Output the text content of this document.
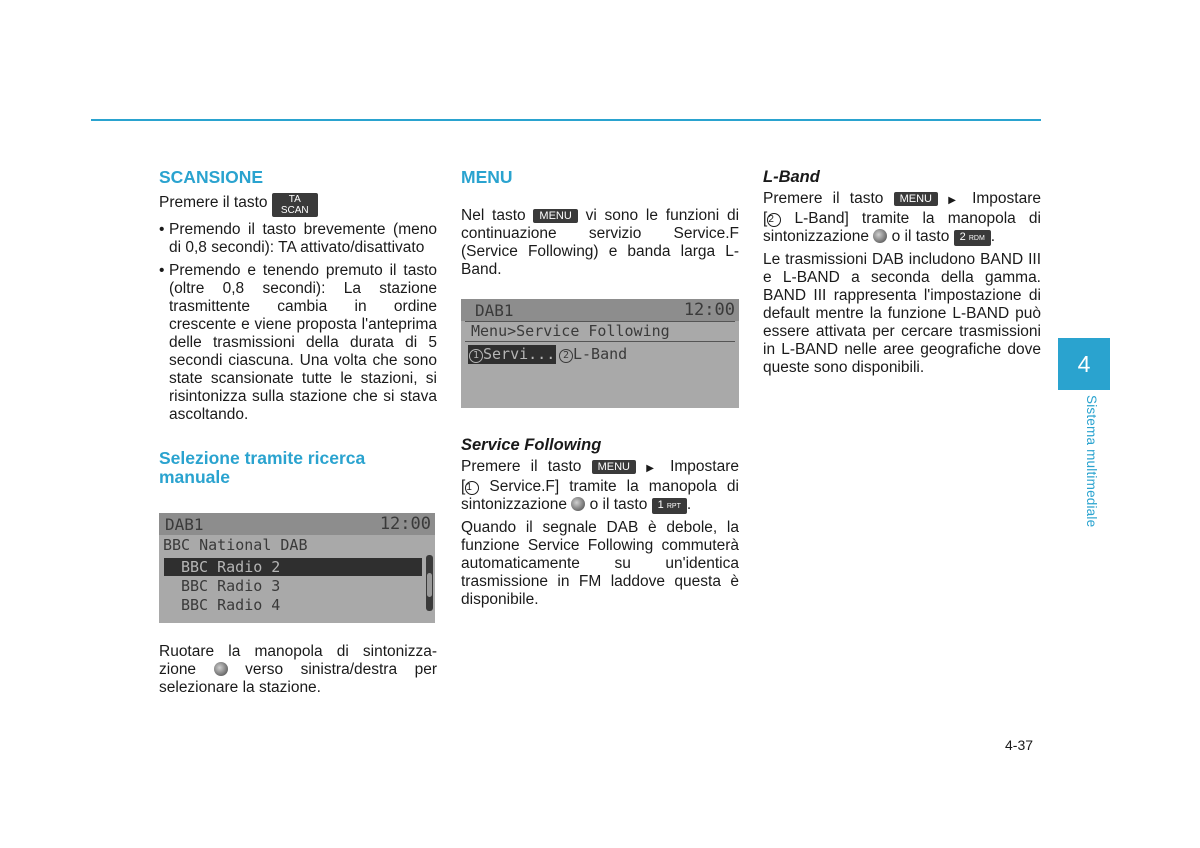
SCANSIONE

Premere il tasto TA
SCAN

• Premendo il tasto brevemente (meno di 0,8 secondi): TA attivato/disattivato
• Premendo e tenendo premuto il tasto (oltre 0,8 secondi): La stazione trasmittente cambia in ordine crescente e viene proposta l'anteprima delle trasmissioni della durata di 5 secondi ciascuna. Una volta che sono state scansionate tutte le stazioni, si risintonizza sulla stazione che si stava ascoltando.
Selezione tramite ricerca manuale
DAB1	12:00
BBC National DAB
BBC Radio 2
BBC Radio 3
BBC Radio 4

Ruotare la manopola di sintonizza-

zione	verso sinistra/destra per

selezionare la stazione.

MENU

Nel tasto MENU vi sono le funzioni di continuazione servizio Service.F (Service Following) e banda larga L-Band.

DAB1	12:00
Menu>Service Following
1 Servi... 2 L-Band
Service Following

Premere il tasto MENU ▶ Impostare

[1 Service.F] tramite la manopola di

sintonizzazione o il tasto 1 RPT .

Quando il segnale DAB è debole, la funzione Service Following commuterà automaticamente su un'identica trasmissione in FM laddove questa è disponibile.

L-Band

Premere il tasto MENU ▶ Impostare

[2 L-Band] tramite la manopola di

sintonizzazione o il tasto 2 RDM .

Le trasmissioni DAB includono BAND III e L-BAND a seconda della gamma. BAND III rappresenta l'impostazione di default mentre la funzione L-BAND può essere attivata per cercare trasmissioni in L-BAND nelle aree geografiche dove queste sono disponibili.	4
Sistema multimediale
4-37
